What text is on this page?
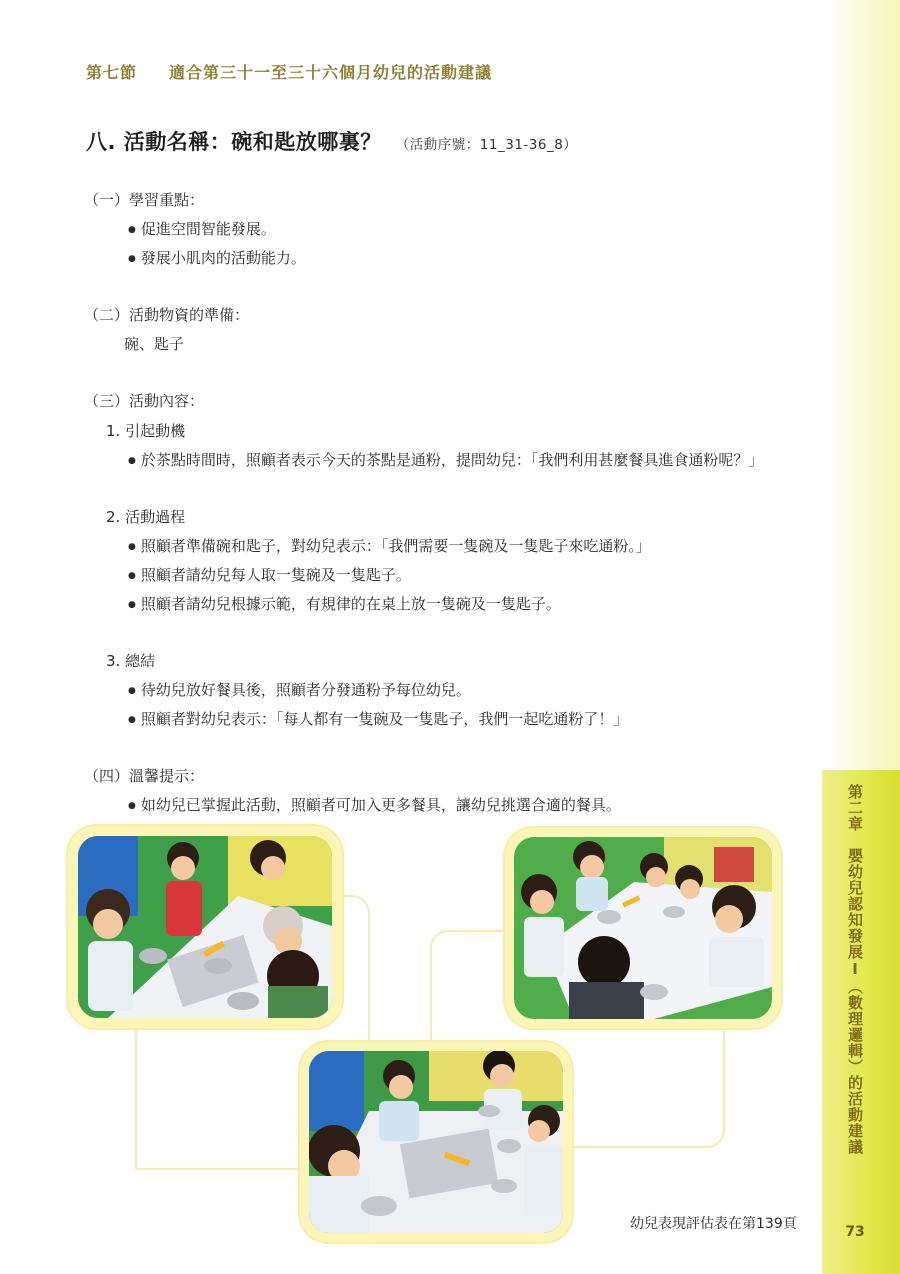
第二章　嬰幼兒認知發展Ⅰ︵數理邏輯︶的活動建議
73
第七節 適合第三十一至三十六個月幼兒的活動建議
八. 活動名稱：碗和匙放哪裏？ （活動序號：11_31-36_8）
（一）學習重點：
● 促進空間智能發展。
● 發展小肌肉的活動能力。
（二）活動物資的準備：
碗、匙子
（三）活動內容：
1. 引起動機
● 於茶點時間時，照顧者表示今天的茶點是通粉，提問幼兒：「我們利用甚麼餐具進食通粉呢？」
2. 活動過程
● 照顧者準備碗和匙子，對幼兒表示：「我們需要一隻碗及一隻匙子來吃通粉。」
● 照顧者請幼兒每人取一隻碗及一隻匙子。
● 照顧者請幼兒根據示範，有規律的在桌上放一隻碗及一隻匙子。
3. 總結
● 待幼兒放好餐具後，照顧者分發通粉予每位幼兒。
● 照顧者對幼兒表示：「每人都有一隻碗及一隻匙子，我們一起吃通粉了！」
（四）溫馨提示：
● 如幼兒已掌握此活動，照顧者可加入更多餐具，讓幼兒挑選合適的餐具。
幼兒表現評估表在第139頁
